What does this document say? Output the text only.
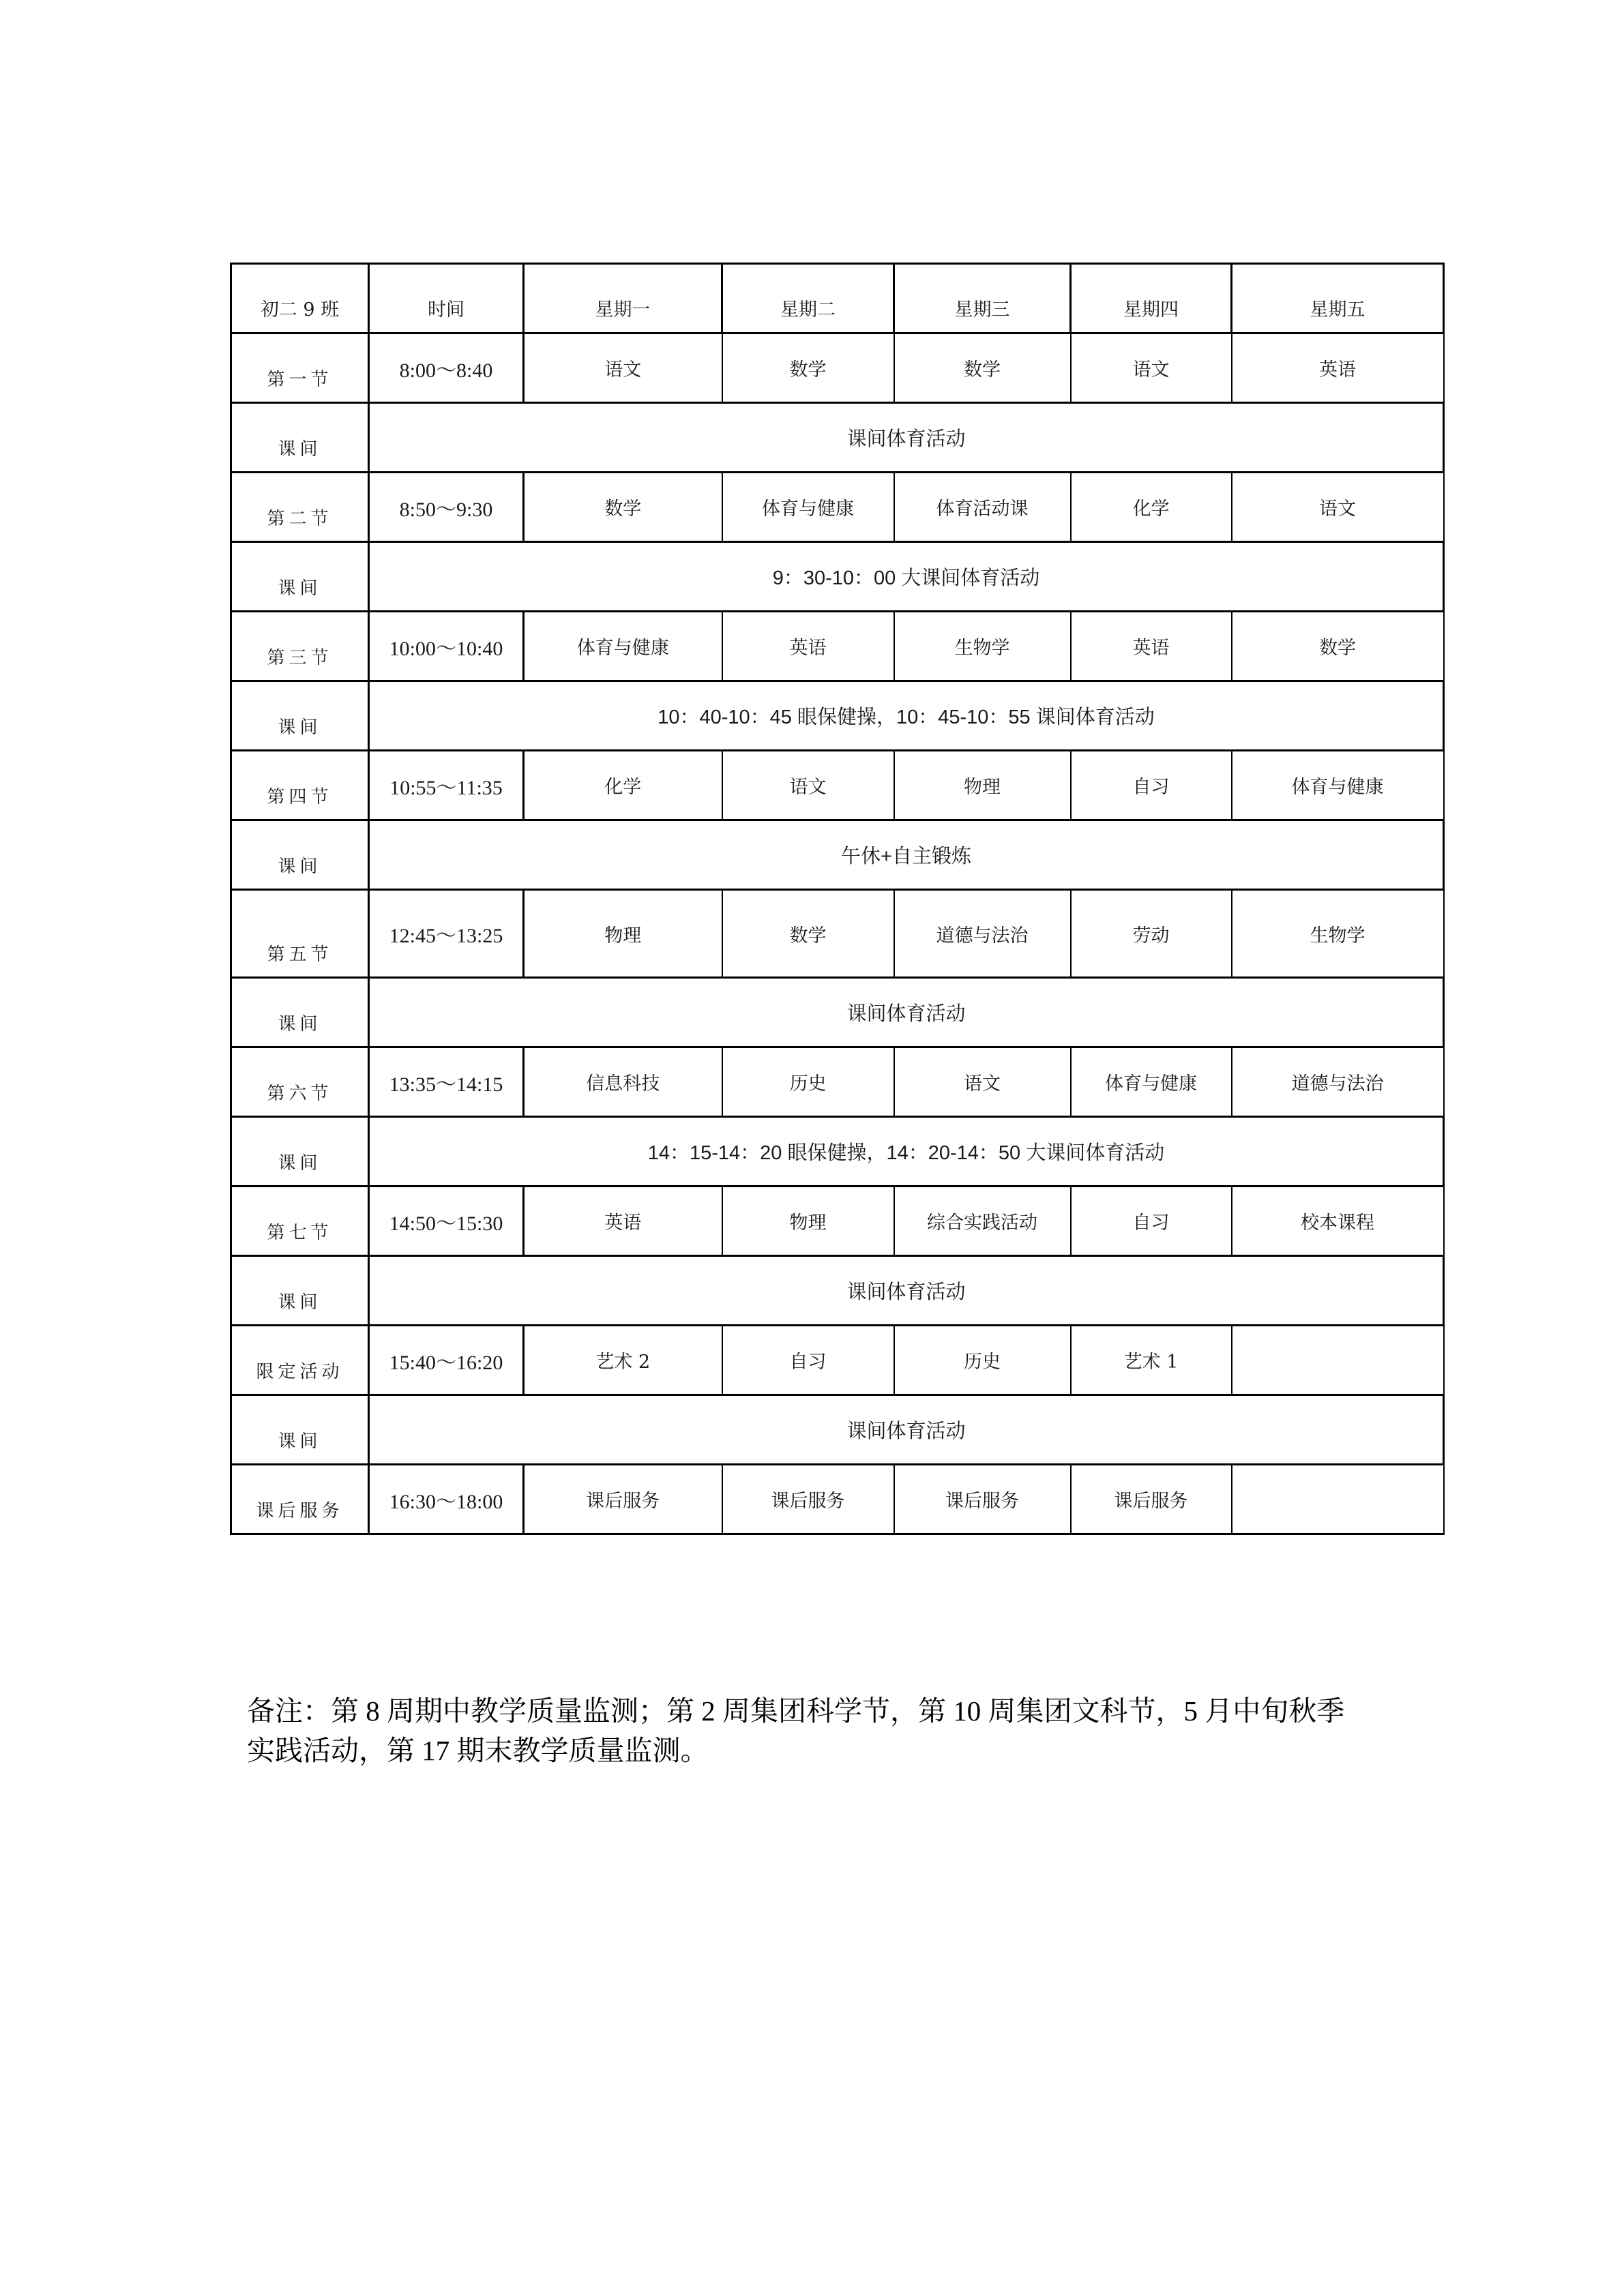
初二 9 班	时间	星期一	星期二	星期三	星期四	星期五
第一节	8:00～8:40	语文	数学	数学	语文	英语
课间	课间体育活动					
第二节	8:50～9:30	数学	体育与健康	体育活动课	化学	语文
课间	9：30-10：00 大课间体育活动					
第三节	10:00～10:40	体育与健康	英语	生物学	英语	数学
课间	10：40-10：45 眼保健操，10：45-10：55 课间体育活动					
第四节	10:55～11:35	化学	语文	物理	自习	体育与健康
课间	午休+自主锻炼					
第五节	12:45～13:25	物理	数学	道德与法治	劳动	生物学
课间	课间体育活动					
第六节	13:35～14:15	信息科技	历史	语文	体育与健康	道德与法治
课间	14：15-14：20 眼保健操，14：20-14：50 大课间体育活动					
第七节	14:50～15:30	英语	物理	综合实践活动	自习	校本课程
课间	课间体育活动					
限定活动	15:40～16:20	艺术 2	自习	历史	艺术 1	
课间	课间体育活动					
课后服务	16:30～18:00	课后服务	课后服务	课后服务	课后服务	
备注：第 8 周期中教学质量监测；第 2 周集团科学节，第 10 周集团文科节，5 月中旬秋季
实践活动，第 17 期末教学质量监测。
